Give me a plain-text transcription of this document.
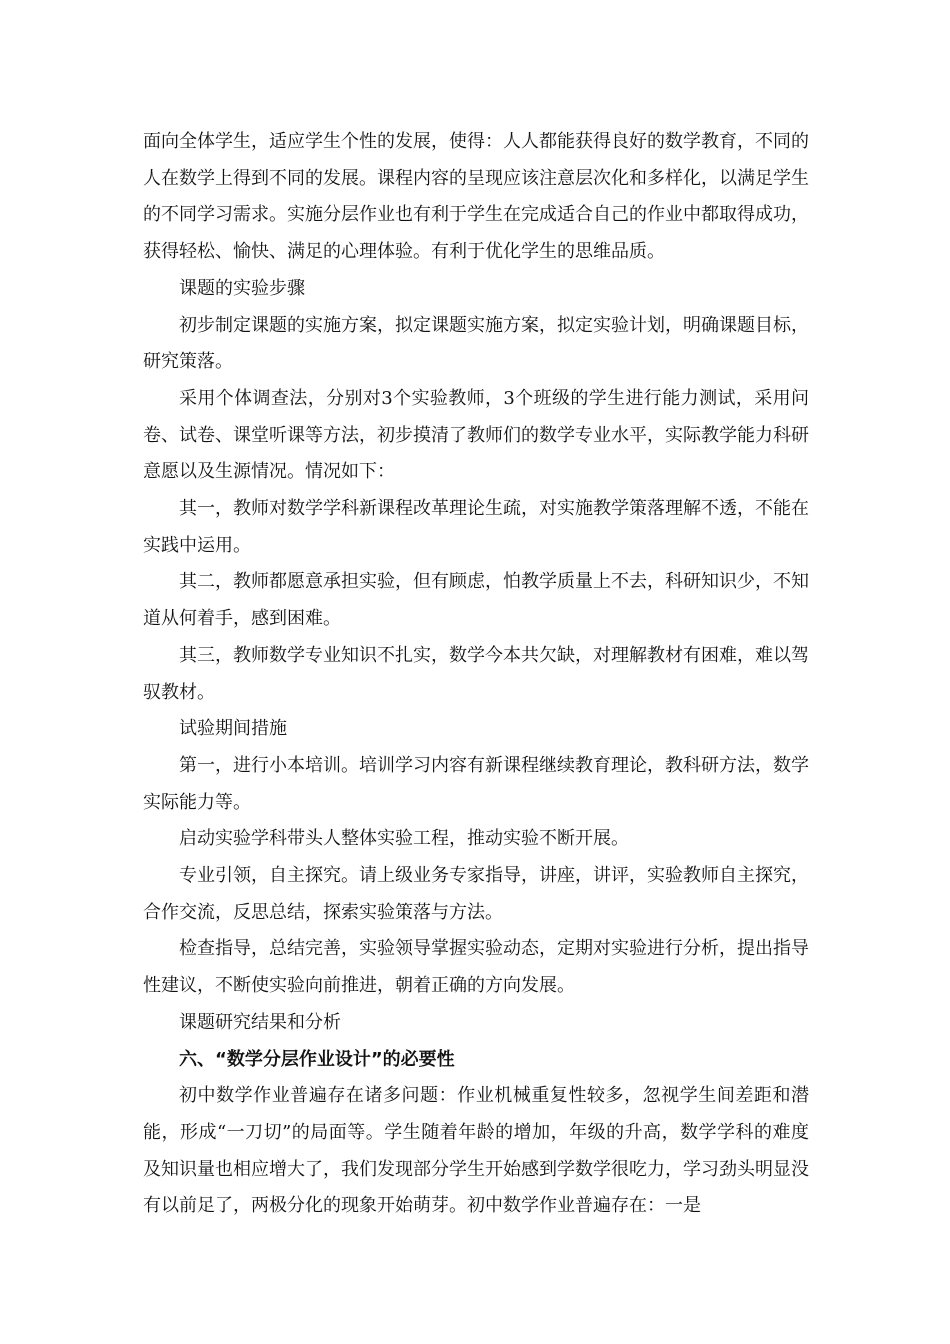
面向全体学生，适应学生个性的发展，使得：人人都能获得良好的数学教育，不同的人在数学上得到不同的发展。课程内容的呈现应该注意层次化和多样化，以满足学生的不同学习需求。实施分层作业也有利于学生在完成适合自己的作业中都取得成功，获得轻松、愉快、满足的心理体验。有利于优化学生的思维品质。

课题的实验步骤

初步制定课题的实施方案，拟定课题实施方案，拟定实验计划，明确课题目标，研究策落。

采用个体调查法，分别对3个实验教师，3个班级的学生进行能力测试，采用问卷、试卷、课堂听课等方法，初步摸清了教师们的数学专业水平，实际教学能力科研意愿以及生源情况。情况如下：

其一，教师对数学学科新课程改革理论生疏，对实施教学策落理解不透，不能在实践中运用。

其二，教师都愿意承担实验，但有顾虑，怕教学质量上不去，科研知识少，不知道从何着手，感到困难。

其三，教师数学专业知识不扎实，数学今本共欠缺，对理解教材有困难，难以驾驭教材。

试验期间措施

第一，进行小本培训。培训学习内容有新课程继续教育理论，教科研方法，数学实际能力等。

启动实验学科带头人整体实验工程，推动实验不断开展。

专业引领，自主探究。请上级业务专家指导，讲座，讲评，实验教师自主探究，合作交流，反思总结，探索实验策落与方法。

检查指导，总结完善，实验领导掌握实验动态，定期对实验进行分析，提出指导性建议，不断使实验向前推进，朝着正确的方向发展。

课题研究结果和分析

六、“数学分层作业设计”的必要性

初中数学作业普遍存在诸多问题：作业机械重复性较多，忽视学生间差距和潜能，形成“一刀切”的局面等。学生随着年龄的增加，年级的升高，数学学科的难度及知识量也相应增大了，我们发现部分学生开始感到学数学很吃力，学习劲头明显没有以前足了，两极分化的现象开始萌芽。初中数学作业普遍存在：一是
